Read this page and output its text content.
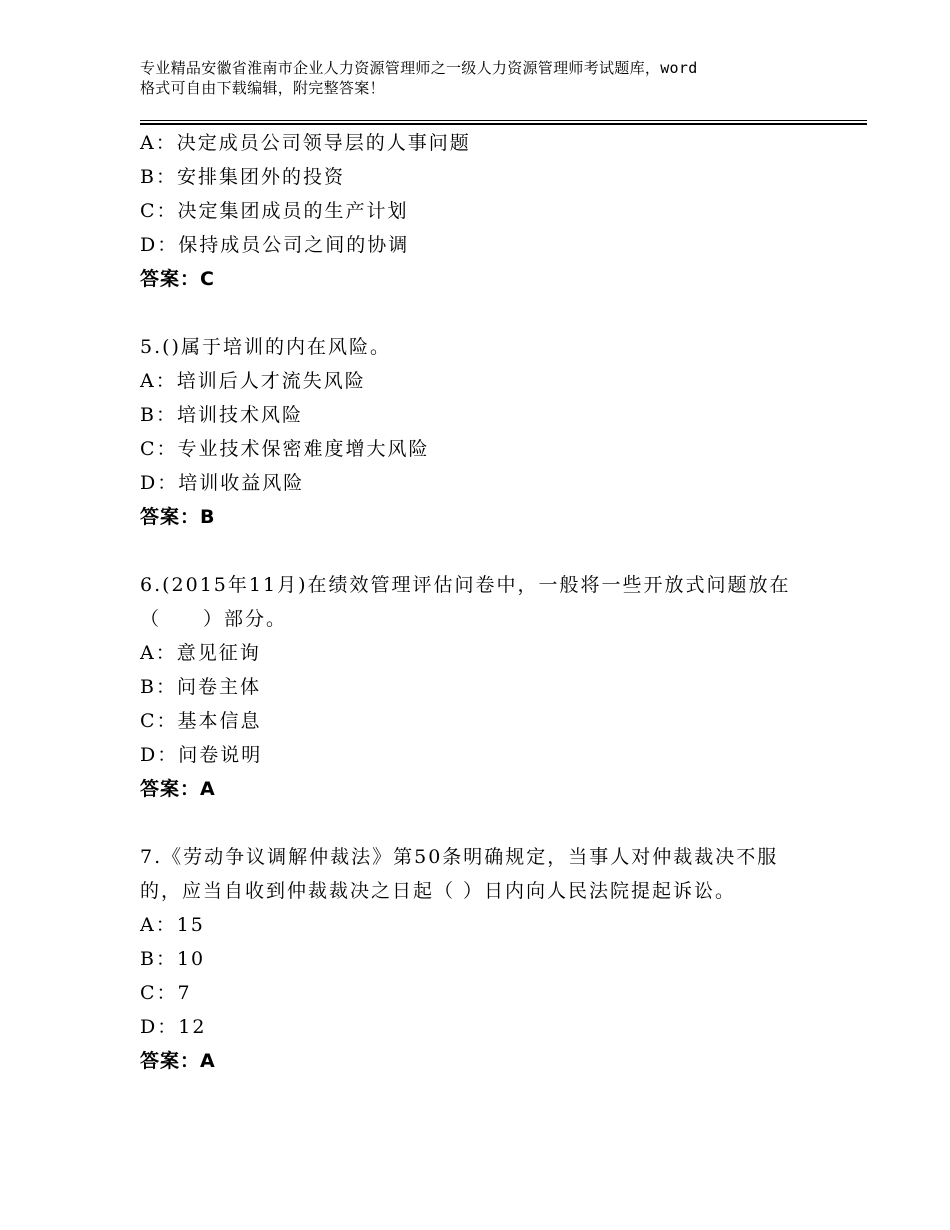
专业精品安徽省淮南市企业人力资源管理师之一级人力资源管理师考试题库，word
格式可自由下载编辑，附完整答案！
A：决定成员公司领导层的人事问题
B：安排集团外的投资
C：决定集团成员的生产计划
D：保持成员公司之间的协调
答案：C
5.()属于培训的内在风险。
A：培训后人才流失风险
B：培训技术风险
C：专业技术保密难度增大风险
D：培训收益风险
答案：B
6.(2015年11月)在绩效管理评估问卷中，一般将一些开放式问题放在
（　　）部分。
A：意见征询
B：问卷主体
C：基本信息
D：问卷说明
答案：A
7.《劳动争议调解仲裁法》第50条明确规定，当事人对仲裁裁决不服
的，应当自收到仲裁裁决之日起（ ）日内向人民法院提起诉讼。
A：15
B：10
C：7
D：12
答案：A
